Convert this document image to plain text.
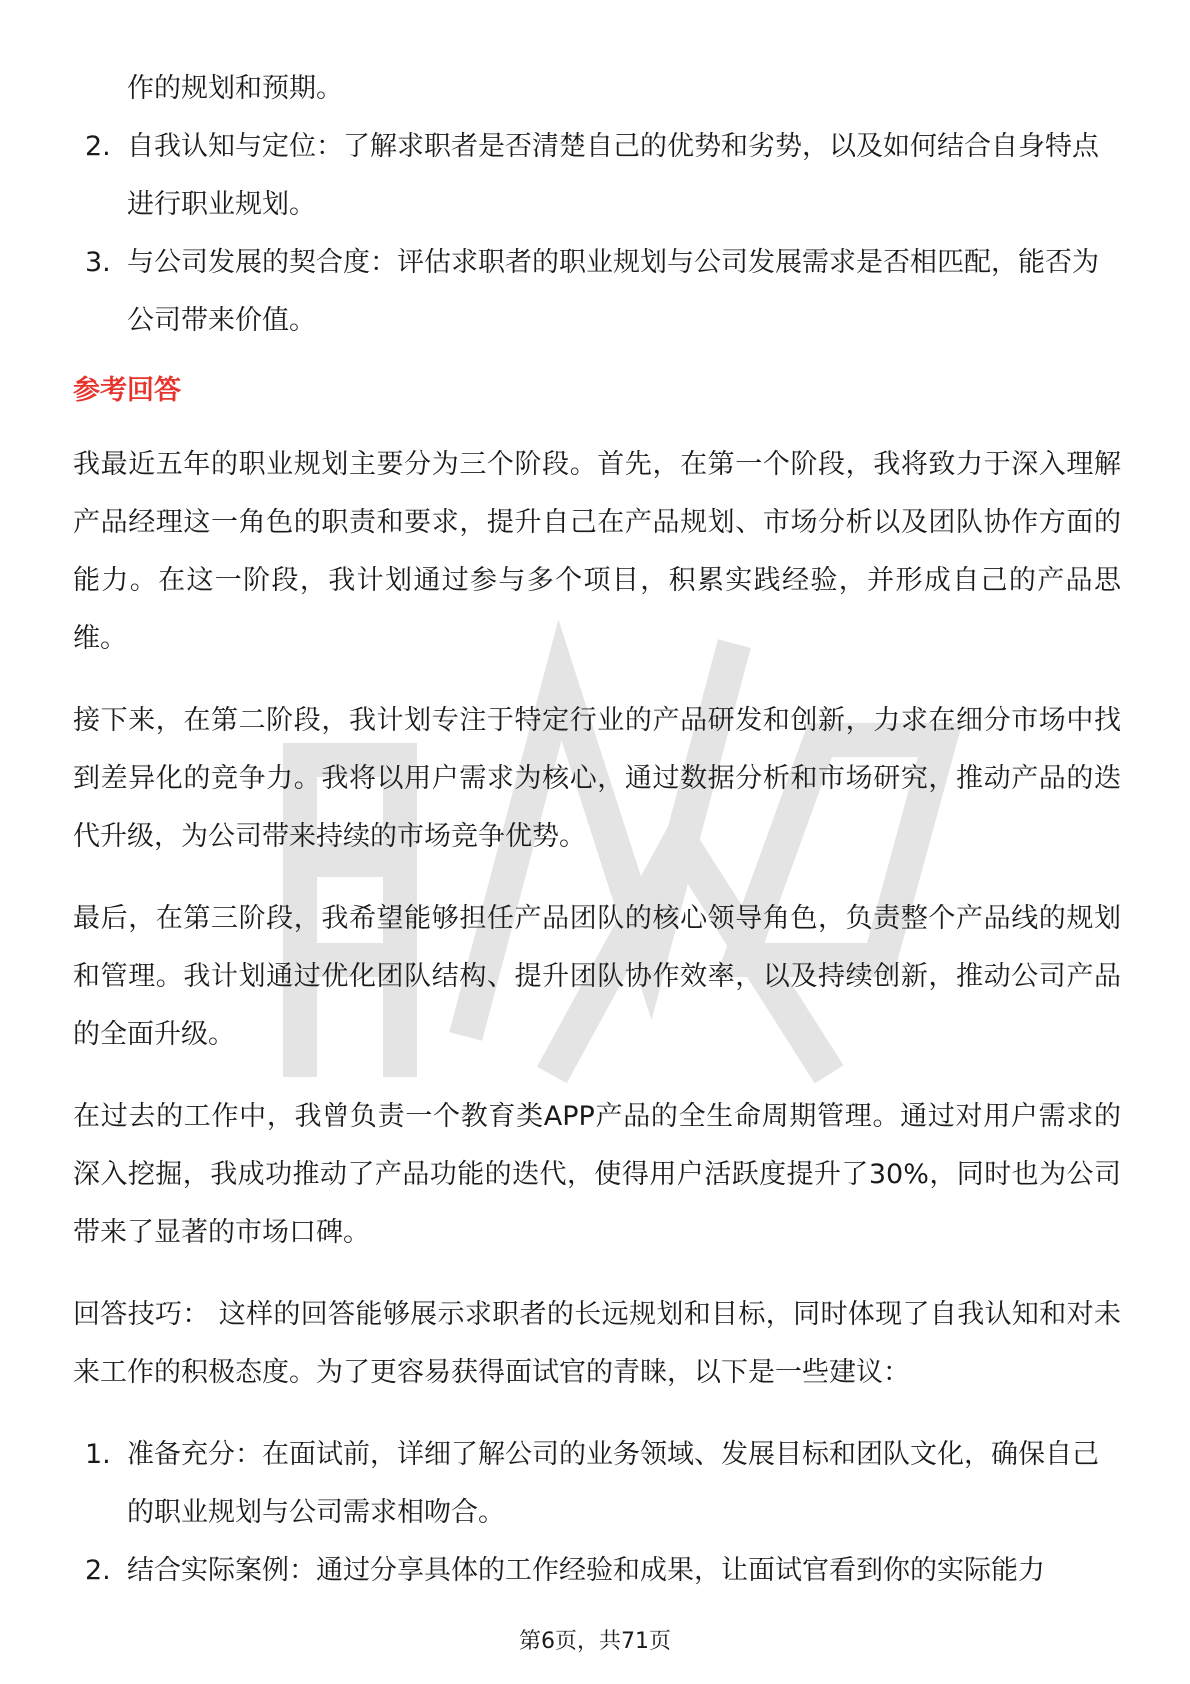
作的规划和预期。
2. 自我认知与定位：了解求职者是否清楚自己的优势和劣势，以及如何结合自身特点进行职业规划。
3. 与公司发展的契合度：评估求职者的职业规划与公司发展需求是否相匹配，能否为公司带来价值。
参考回答

我最近五年的职业规划主要分为三个阶段。首先，在第一个阶段，我将致力于深入理解产品经理这一角色的职责和要求，提升自己在产品规划、市场分析以及团队协作方面的能力。在这一阶段，我计划通过参与多个项目，积累实践经验，并形成自己的产品思维。

接下来，在第二阶段，我计划专注于特定行业的产品研发和创新，力求在细分市场中找到差异化的竞争力。我将以用户需求为核心，通过数据分析和市场研究，推动产品的迭代升级，为公司带来持续的市场竞争优势。

最后，在第三阶段，我希望能够担任产品团队的核心领导角色，负责整个产品线的规划和管理。我计划通过优化团队结构、提升团队协作效率，以及持续创新，推动公司产品的全面升级。

在过去的工作中，我曾负责一个教育类APP产品的全生命周期管理。通过对用户需求的深入挖掘，我成功推动了产品功能的迭代，使得用户活跃度提升了30%，同时也为公司带来了显著的市场口碑。

回答技巧： 这样的回答能够展示求职者的长远规划和目标，同时体现了自我认知和对未来工作的积极态度。为了更容易获得面试官的青睐，以下是一些建议：

1. 准备充分：在面试前，详细了解公司的业务领域、发展目标和团队文化，确保自己的职业规划与公司需求相吻合。
2. 结合实际案例：通过分享具体的工作经验和成果，让面试官看到你的实际能力
第6页，共71页
